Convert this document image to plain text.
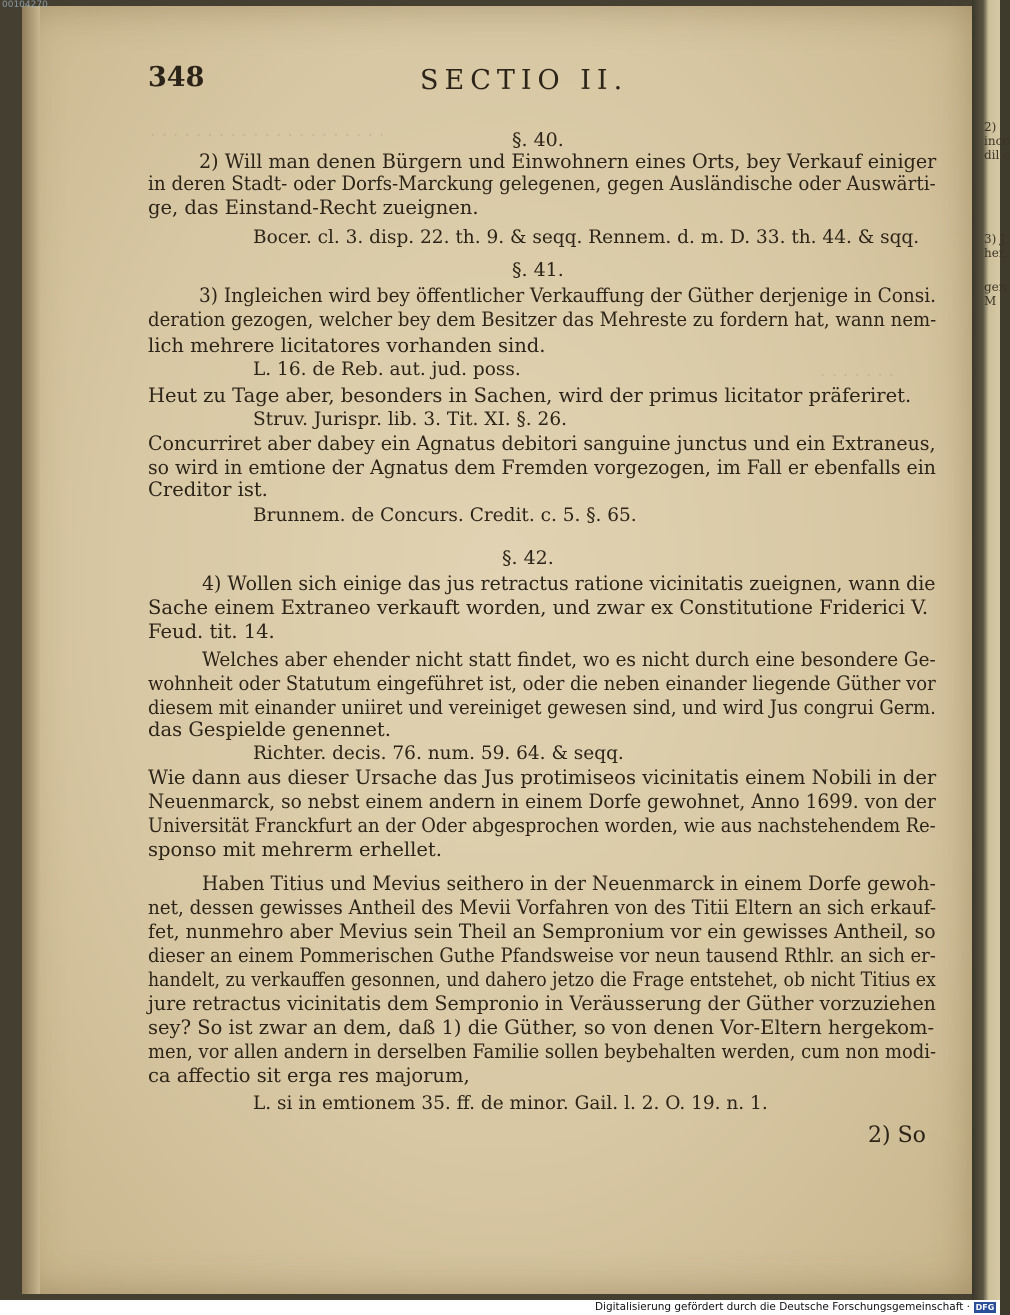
2)
inco
dil c
3) J
her,
gen
M
00104270
· · · · · · · · · · · · · · · · · · · · ·
· · · · · · ·
348	SECTIO II.
§. 40.
2) Will man denen Bürgern und Einwohnern eines Orts, bey Verkauf einiger
in deren Stadt- oder Dorfs-Marckung gelegenen, gegen Ausländische oder Auswärti-
ge, das Einstand-Recht zueignen.
Bocer. cl. 3. disp. 22. th. 9. & seqq. Rennem. d. m. D. 33. th. 44. & sqq.
§. 41.
3) Ingleichen wird bey öffentlicher Verkauffung der Güther derjenige in Consi.
deration gezogen, welcher bey dem Besitzer das Mehreste zu fordern hat, wann nem-
lich mehrere licitatores vorhanden sind.
L. 16. de Reb. aut. jud. poss.
Heut zu Tage aber, besonders in Sachen, wird der primus licitator präferiret.
Struv. Jurispr. lib. 3. Tit. XI. §. 26.
Concurriret aber dabey ein Agnatus debitori sanguine junctus und ein Extraneus,
so wird in emtione der Agnatus dem Fremden vorgezogen, im Fall er ebenfalls ein
Creditor ist.
Brunnem. de Concurs. Credit. c. 5. §. 65.
§. 42.
4) Wollen sich einige das jus retractus ratione vicinitatis zueignen, wann die
Sache einem Extraneo verkauft worden, und zwar ex Constitutione Friderici V.
Feud. tit. 14.
Welches aber ehender nicht statt findet, wo es nicht durch eine besondere Ge-
wohnheit oder Statutum eingeführet ist, oder die neben einander liegende Güther vor
diesem mit einander uniiret und vereiniget gewesen sind, und wird Jus congrui Germ.
das Gespielde genennet.
Richter. decis. 76. num. 59. 64. & seqq.
Wie dann aus dieser Ursache das Jus protimiseos vicinitatis einem Nobili in der
Neuenmarck, so nebst einem andern in einem Dorfe gewohnet, Anno 1699. von der
Universität Franckfurt an der Oder abgesprochen worden, wie aus nachstehendem Re-
sponso mit mehrerm erhellet.
Haben Titius und Mevius seithero in der Neuenmarck in einem Dorfe gewoh-
net, dessen gewisses Antheil des Mevii Vorfahren von des Titii Eltern an sich erkauf-
fet, nunmehro aber Mevius sein Theil an Sempronium vor ein gewisses Antheil, so
dieser an einem Pommerischen Guthe Pfandsweise vor neun tausend Rthlr. an sich er-
handelt, zu verkauffen gesonnen, und dahero jetzo die Frage entstehet, ob nicht Titius ex
jure retractus vicinitatis dem Sempronio in Veräusserung der Güther vorzuziehen
sey? So ist zwar an dem, daß 1) die Güther, so von denen Vor-Eltern hergekom-
men, vor allen andern in derselben Familie sollen beybehalten werden, cum non modi-
ca affectio sit erga res majorum,
L. si in emtionem 35. ff. de minor. Gail. l. 2. O. 19. n. 1.
2) So
Digitalisierung gefördert durch die Deutsche Forschungsgemeinschaft · DFG
